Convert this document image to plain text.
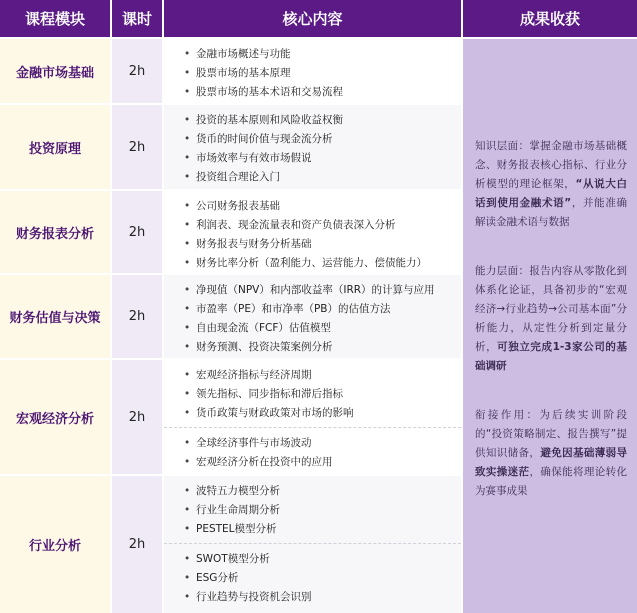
课程模块	课时	核心内容	成果收获
金融市场基础	2h
• 金融市场概述与功能
• 股票市场的基本原理
• 股票市场的基本术语和交易流程
投资原理	2h
• 投资的基本原则和风险收益权衡
• 货币的时间价值与现金流分析
• 市场效率与有效市场假说
• 投资组合理论入门
财务报表分析	2h
• 公司财务报表基础
• 利润表、现金流量表和资产负债表深入分析
• 财务报表与财务分析基础
• 财务比率分析（盈利能力、运营能力、偿债能力）
财务估值与决策	2h
• 净现值（NPV）和内部收益率（IRR）的计算与应用
• 市盈率（PE）和市净率（PB）的估值方法
• 自由现金流（FCF）估值模型
• 财务预测、投资决策案例分析
宏观经济分析	2h
• 宏观经济指标与经济周期
• 领先指标、同步指标和滞后指标
• 货币政策与财政政策对市场的影响
• 全球经济事件与市场波动
• 宏观经济分析在投资中的应用
行业分析	2h
• 波特五力模型分析
• 行业生命周期分析
• PESTEL模型分析
• SWOT模型分析
• ESG分析
• 行业趋势与投资机会识别

知识层面：掌握金融市场基础概念、财务报表核心指标、行业分析模型的理论框架，“从说大白话到使用金融术语”，并能准确解读金融术语与数据

能力层面：报告内容从零散化到体系化论证，具备初步的“宏观经济→行业趋势→公司基本面”分析能力，从定性分析到定量分析，可独立完成1-3家公司的基础调研

衔接作用：为后续实训阶段的“投资策略制定、报告撰写”提供知识储备，避免因基础薄弱导致实操迷茫，确保能将理论转化为赛事成果
